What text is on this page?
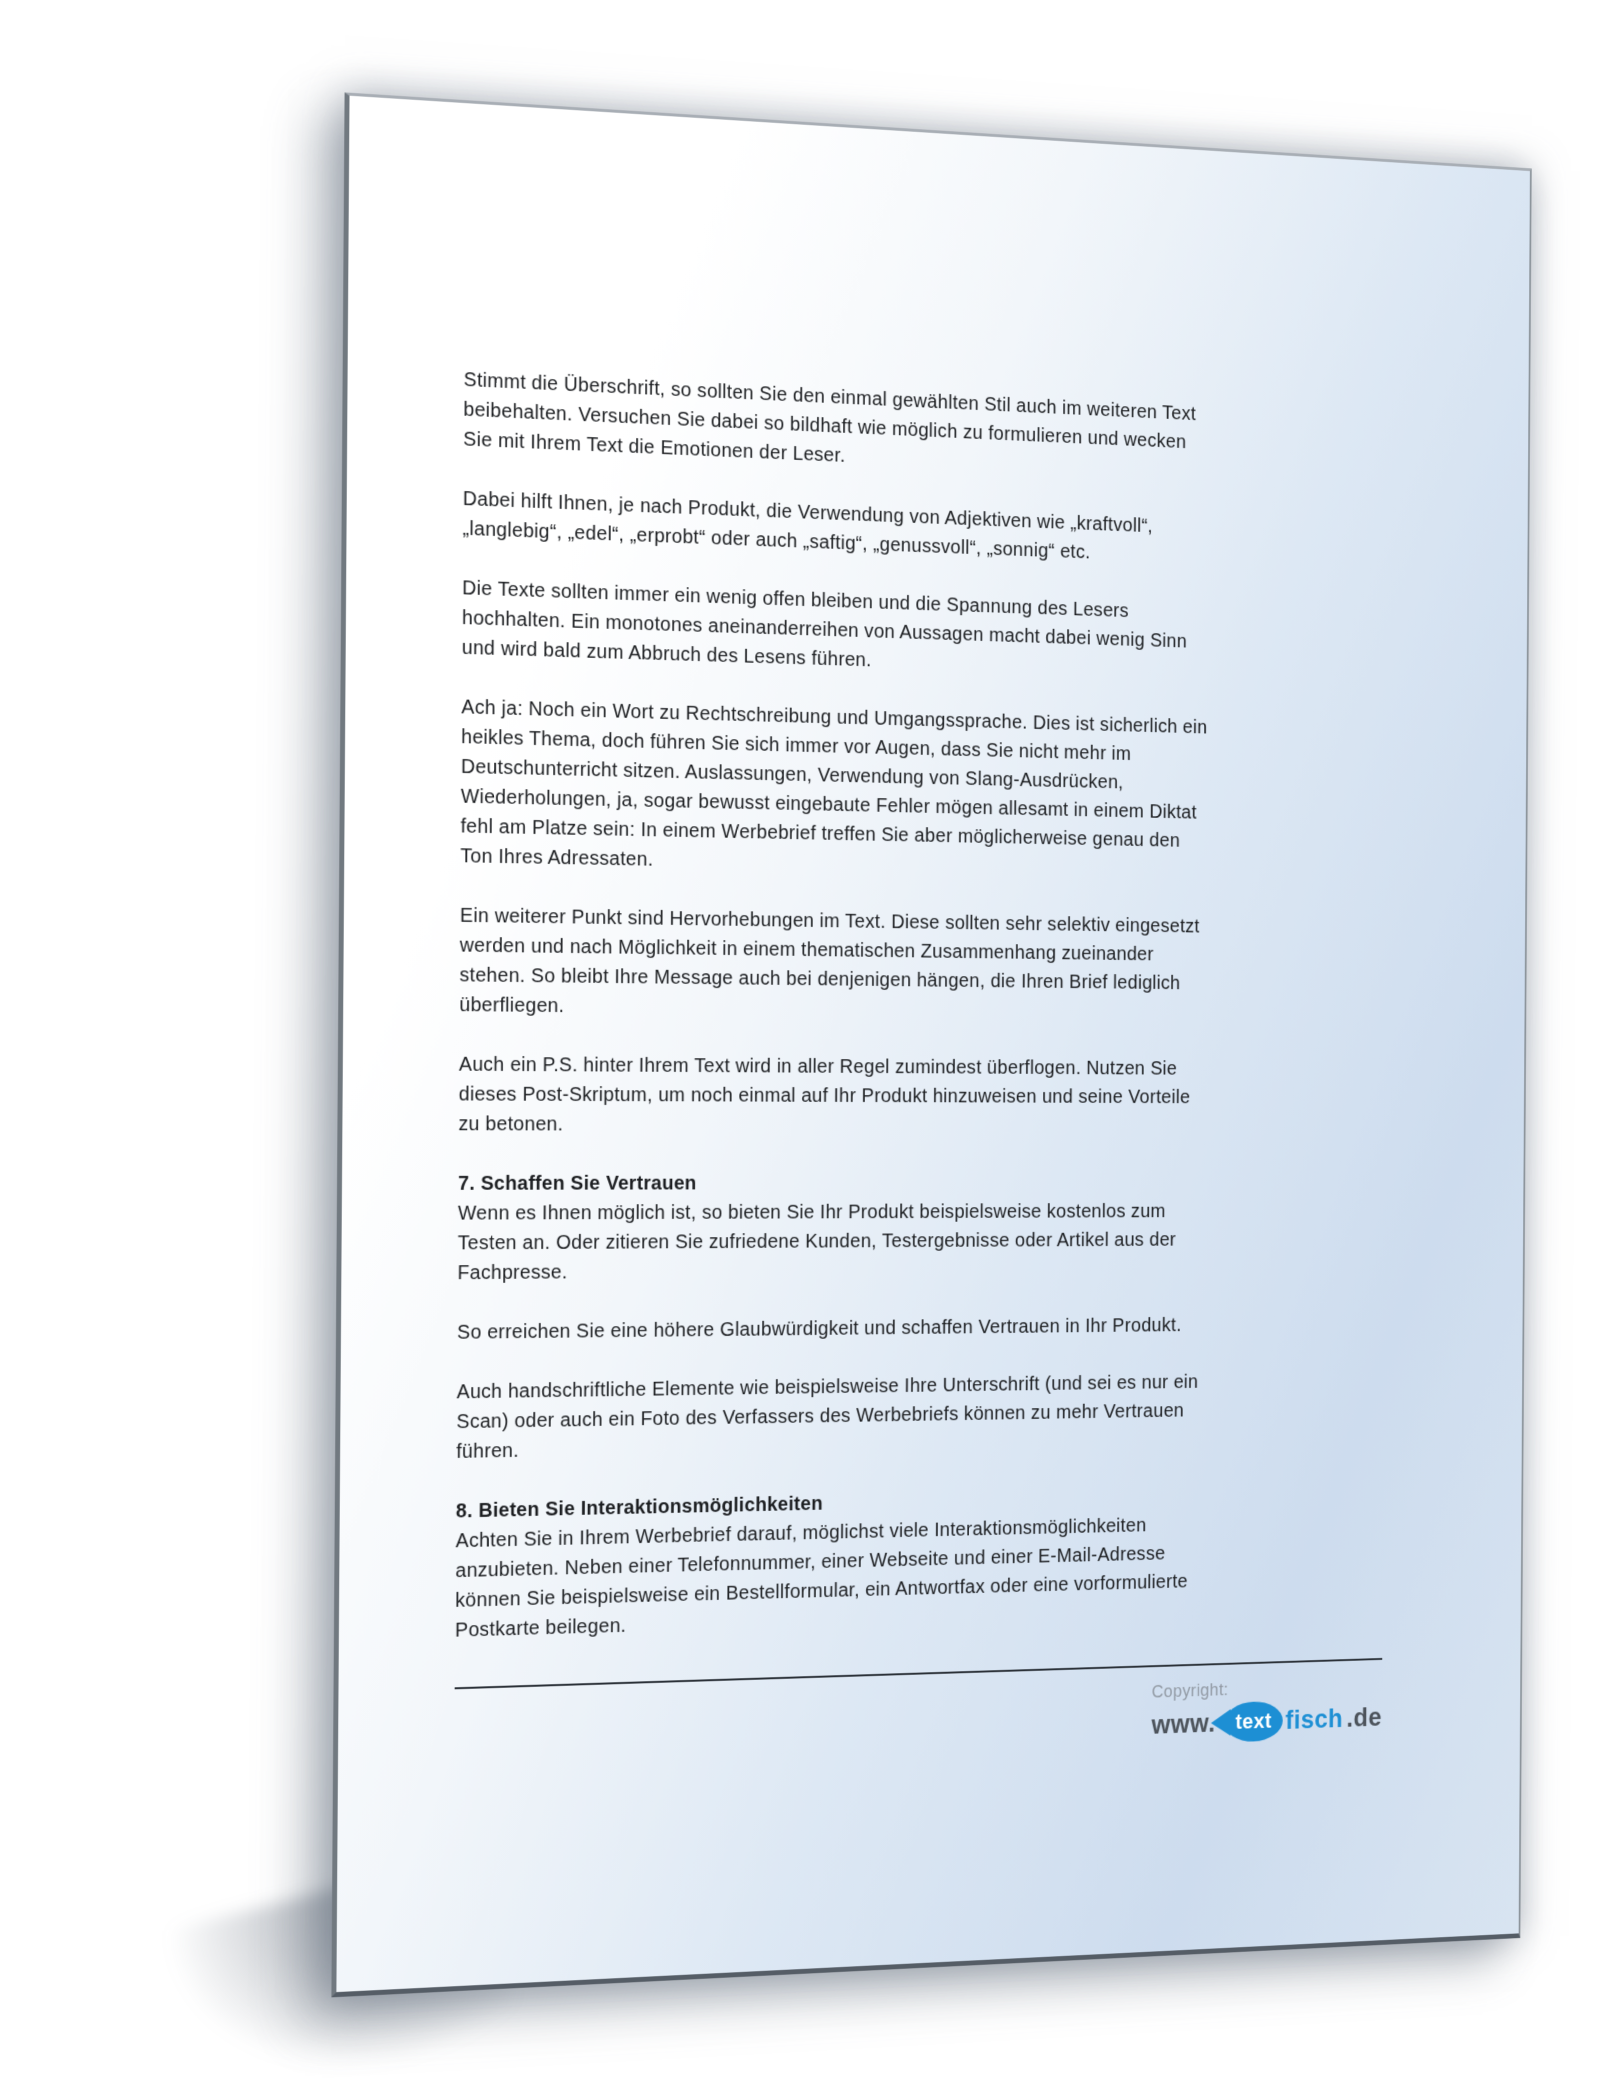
Stimmt die Überschrift, so sollten Sie den einmal gewählten Stil auch im weiteren Text
beibehalten. Versuchen Sie dabei so bildhaft wie möglich zu formulieren und wecken
Sie mit Ihrem Text die Emotionen der Leser.
Dabei hilft Ihnen, je nach Produkt, die Verwendung von Adjektiven wie „kraftvoll“,
„langlebig“, „edel“, „erprobt“ oder auch „saftig“, „genussvoll“, „sonnig“ etc.
Die Texte sollten immer ein wenig offen bleiben und die Spannung des Lesers
hochhalten. Ein monotones aneinanderreihen von Aussagen macht dabei wenig Sinn
und wird bald zum Abbruch des Lesens führen.
Ach ja: Noch ein Wort zu Rechtschreibung und Umgangssprache. Dies ist sicherlich ein
heikles Thema, doch führen Sie sich immer vor Augen, dass Sie nicht mehr im
Deutschunterricht sitzen. Auslassungen, Verwendung von Slang-Ausdrücken,
Wiederholungen, ja, sogar bewusst eingebaute Fehler mögen allesamt in einem Diktat
fehl am Platze sein: In einem Werbebrief treffen Sie aber möglicherweise genau den
Ton Ihres Adressaten.
Ein weiterer Punkt sind Hervorhebungen im Text. Diese sollten sehr selektiv eingesetzt
werden und nach Möglichkeit in einem thematischen Zusammenhang zueinander
stehen. So bleibt Ihre Message auch bei denjenigen hängen, die Ihren Brief lediglich
überfliegen.
Auch ein P.S. hinter Ihrem Text wird in aller Regel zumindest überflogen. Nutzen Sie
dieses Post-Skriptum, um noch einmal auf Ihr Produkt hinzuweisen und seine Vorteile
zu betonen.
7. Schaffen Sie Vertrauen
Wenn es Ihnen möglich ist, so bieten Sie Ihr Produkt beispielsweise kostenlos zum
Testen an. Oder zitieren Sie zufriedene Kunden, Testergebnisse oder Artikel aus der
Fachpresse.
So erreichen Sie eine höhere Glaubwürdigkeit und schaffen Vertrauen in Ihr Produkt.
Auch handschriftliche Elemente wie beispielsweise Ihre Unterschrift (und sei es nur ein
Scan) oder auch ein Foto des Verfassers des Werbebriefs können zu mehr Vertrauen
führen.
8. Bieten Sie Interaktionsmöglichkeiten
Achten Sie in Ihrem Werbebrief darauf, möglichst viele Interaktionsmöglichkeiten
anzubieten. Neben einer Telefonnummer, einer Webseite und einer E-Mail-Adresse
können Sie beispielsweise ein Bestellformular, ein Antwortfax oder eine vorformulierte
Postkarte beilegen.
Copyright:
www. text fisch .de
